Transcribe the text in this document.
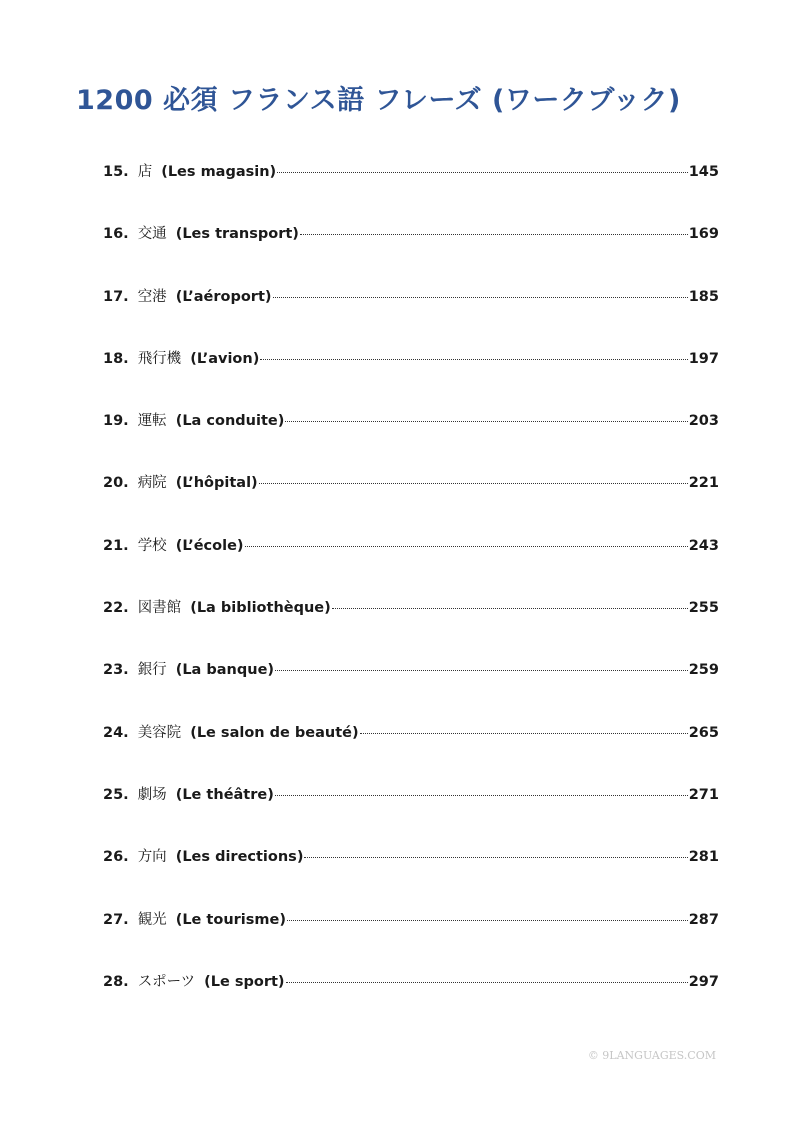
1200 必須 フランス語 フレーズ (ワークブック)
15. 店 (Les magasin)	145
16. 交通 (Les transport)	169
17. 空港 (L’aéroport)	185
18. 飛行機 (L’avion)	197
19. 運転 (La conduite)	203
20. 病院 (L’hôpital)	221
21. 学校 (L’école)	243
22. 図書館 (La bibliothèque)	255
23. 銀行 (La banque)	259
24. 美容院 (Le salon de beauté)	265
25. 劇场 (Le théâtre)	271
26. 方向 (Les directions)	281
27. 観光 (Le tourisme)	287
28. スポーツ (Le sport)	297
© 9LANGUAGES.COM
